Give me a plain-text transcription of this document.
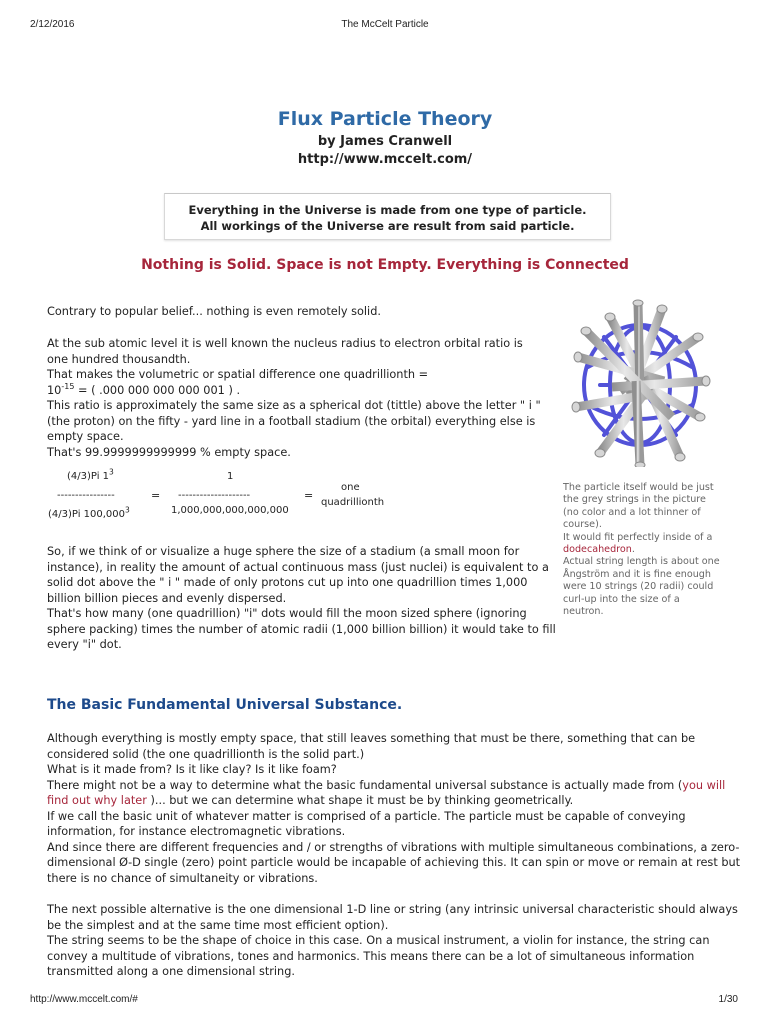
2/12/2016	The McCelt Particle
Flux Particle Theory
by James Cranwell
http://www.mccelt.com/
Everything in the Universe is made from one type of particle.
All workings of the Universe are result from said particle.
Nothing is Solid. Space is not Empty. Everything is Connected
Contrary to popular belief... nothing is even remotely solid.
At the sub atomic level it is well known the nucleus radius to electron orbital ratio is one hundred thousandth.
That makes the volumetric or spatial difference one quadrillionth =
$10^{-15}$ = ( .000 000 000 000 001 ) .
This ratio is approximately the same size as a spherical dot (tittle) above the letter " i " (the proton) on the fifty - yard line in a football stadium (the orbital) everything else is empty space.
That's 99.9999999999999 % empty space.
(4/3)Pi $1^3$
----------------
(4/3)Pi $100,000^3$
=
1
--------------------
1,000,000,000,000,000
=
one
quadrillionth
The particle itself would be just the grey strings in the picture (no color and a lot thinner of course).
It would fit perfectly inside of a dodecahedron.
Actual string length is about one Ångström and it is fine enough were 10 strings (20 radii) could curl-up into the size of a neutron.
So, if we think of or visualize a huge sphere the size of a stadium (a small moon for instance), in reality the amount of actual continuous mass (just nuclei) is equivalent to a solid dot above the " i " made of only protons cut up into one quadrillion times 1,000 billion billion pieces and evenly dispersed.
That's how many (one quadrillion) "i" dots would fill the moon sized sphere (ignoring sphere packing) times the number of atomic radii (1,000 billion billion) it would take to fill every "i" dot.
The Basic Fundamental Universal Substance.
Although everything is mostly empty space, that still leaves something that must be there, something that can be considered solid (the one quadrillionth is the solid part.)
What is it made from? Is it like clay? Is it like foam?
There might not be a way to determine what the basic fundamental universal substance is actually made from (you will find out why later )... but we can determine what shape it must be by thinking geometrically.
If we call the basic unit of whatever matter is comprised of a particle. The particle must be capable of conveying information, for instance electromagnetic vibrations.
And since there are different frequencies and / or strengths of vibrations with multiple simultaneous combinations, a zero-dimensional Ø-D single (zero) point particle would be incapable of achieving this. It can spin or move or remain at rest but there is no chance of simultaneity or vibrations.
The next possible alternative is the one dimensional 1-D line or string (any intrinsic universal characteristic should always be the simplest and at the same time most efficient option).
The string seems to be the shape of choice in this case. On a musical instrument, a violin for instance, the string can convey a multitude of vibrations, tones and harmonics. This means there can be a lot of simultaneous information transmitted along a one dimensional string.
http://www.mccelt.com/#	1/30
